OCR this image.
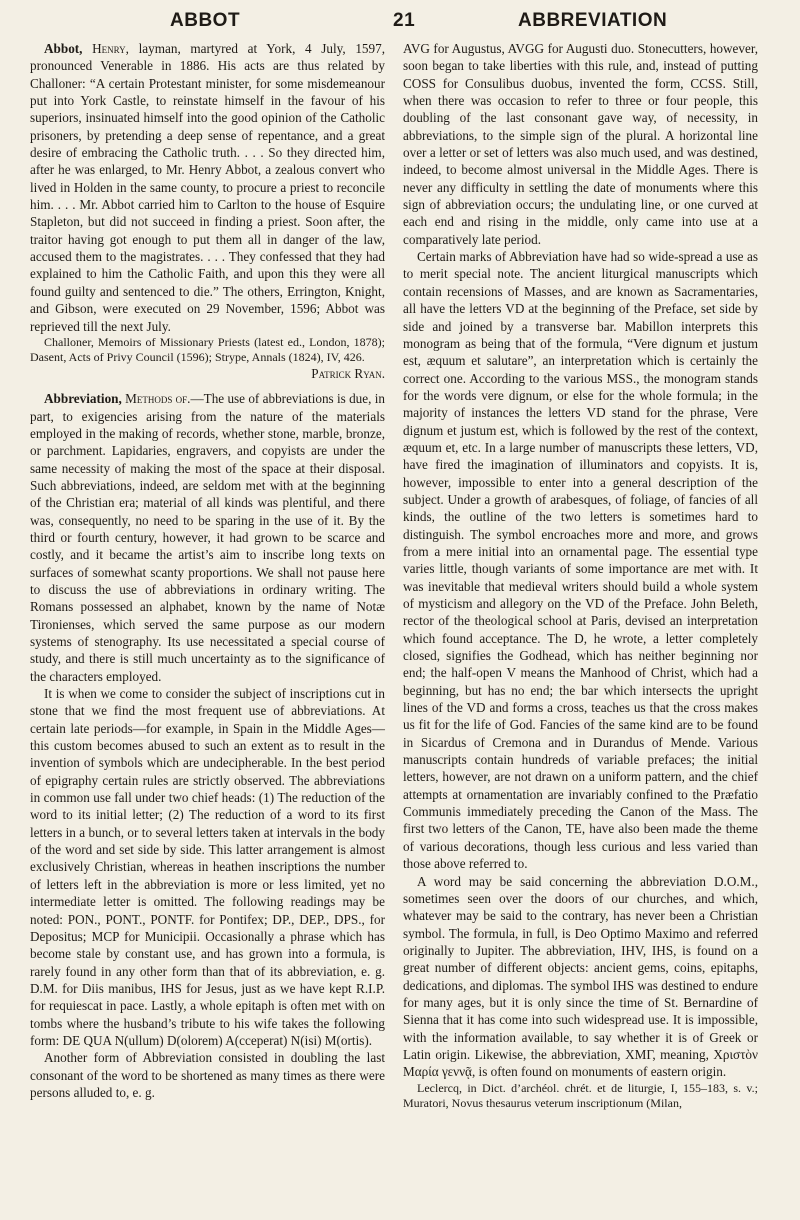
ABBOT	21	ABBREVIATION

Abbot, Henry, layman, martyred at York, 4 July, 1597, pronounced Venerable in 1886. His acts are thus related by Challoner: “A certain Protestant minister, for some misdemeanour put into York Castle, to reinstate himself in the favour of his superiors, insinuated himself into the good opinion of the Catholic prisoners, by pretending a deep sense of repentance, and a great desire of embracing the Catholic truth. . . . So they directed him, after he was enlarged, to Mr. Henry Abbot, a zealous convert who lived in Holden in the same county, to procure a priest to reconcile him. . . . Mr. Abbot carried him to Carlton to the house of Esquire Stapleton, but did not succeed in finding a priest. Soon after, the traitor having got enough to put them all in danger of the law, accused them to the magistrates. . . . They confessed that they had explained to him the Catholic Faith, and upon this they were all found guilty and sentenced to die.” The others, Errington, Knight, and Gibson, were executed on 29 November, 1596; Abbot was reprieved till the next July.

Challoner, Memoirs of Missionary Priests (latest ed., London, 1878); Dasent, Acts of Privy Council (1596); Strype, Annals (1824), IV, 426.

Patrick Ryan.

Abbreviation, Methods of.—The use of abbreviations is due, in part, to exigencies arising from the nature of the materials employed in the making of records, whether stone, marble, bronze, or parchment. Lapidaries, engravers, and copyists are under the same necessity of making the most of the space at their disposal. Such abbreviations, indeed, are seldom met with at the beginning of the Christian era; material of all kinds was plentiful, and there was, consequently, no need to be sparing in the use of it. By the third or fourth century, however, it had grown to be scarce and costly, and it became the artist’s aim to inscribe long texts on surfaces of somewhat scanty proportions. We shall not pause here to discuss the use of abbreviations in ordinary writing. The Romans possessed an alphabet, known by the name of Notæ Tironienses, which served the same purpose as our modern systems of stenography. Its use necessitated a special course of study, and there is still much uncertainty as to the significance of the characters employed.

It is when we come to consider the subject of inscriptions cut in stone that we find the most frequent use of abbreviations. At certain late periods—for example, in Spain in the Middle Ages—this custom becomes abused to such an extent as to result in the invention of symbols which are undecipherable. In the best period of epigraphy certain rules are strictly observed. The abbreviations in common use fall under two chief heads: (1) The reduction of the word to its initial letter; (2) The reduction of a word to its first letters in a bunch, or to several letters taken at intervals in the body of the word and set side by side. This latter arrangement is almost exclusively Christian, whereas in heathen inscriptions the number of letters left in the abbreviation is more or less limited, yet no intermediate letter is omitted. The following readings may be noted: PON., PONT., PONTF. for Pontifex; DP., DEP., DPS., for Depositus; MCP for Municipii. Occasionally a phrase which has become stale by constant use, and has grown into a formula, is rarely found in any other form than that of its abbreviation, e. g. D.M. for Diis manibus, IHS for Jesus, just as we have kept R.I.P. for requiescat in pace. Lastly, a whole epitaph is often met with on tombs where the husband’s tribute to his wife takes the following form: DE QUA N(ullum) D(olorem) A(cceperat) N(isi) M(ortis).

Another form of Abbreviation consisted in doubling the last consonant of the word to be shortened as many times as there were persons alluded to, e. g.

AVG for Augustus, AVGG for Augusti duo. Stonecutters, however, soon began to take liberties with this rule, and, instead of putting COSS for Consulibus duobus, invented the form, CCSS. Still, when there was occasion to refer to three or four people, this doubling of the last consonant gave way, of necessity, in abbreviations, to the simple sign of the plural. A horizontal line over a letter or set of letters was also much used, and was destined, indeed, to become almost universal in the Middle Ages. There is never any difficulty in settling the date of monuments where this sign of abbreviation occurs; the undulating line, or one curved at each end and rising in the middle, only came into use at a comparatively late period.

Certain marks of Abbreviation have had so wide-spread a use as to merit special note. The ancient liturgical manuscripts which contain recensions of Masses, and are known as Sacramentaries, all have the letters VD at the beginning of the Preface, set side by side and joined by a transverse bar. Mabillon interprets this monogram as being that of the formula, “Vere dignum et justum est, æquum et salutare”, an interpretation which is certainly the correct one. According to the various MSS., the monogram stands for the words vere dignum, or else for the whole formula; in the majority of instances the letters VD stand for the phrase, Vere dignum et justum est, which is followed by the rest of the context, æquum et, etc. In a large number of manuscripts these letters, VD, have fired the imagination of illuminators and copyists. It is, however, impossible to enter into a general description of the subject. Under a growth of arabesques, of foliage, of fancies of all kinds, the outline of the two letters is sometimes hard to distinguish. The symbol encroaches more and more, and grows from a mere initial into an ornamental page. The essential type varies little, though variants of some importance are met with. It was inevitable that medieval writers should build a whole system of mysticism and allegory on the VD of the Preface. John Beleth, rector of the theological school at Paris, devised an interpretation which found acceptance. The D, he wrote, a letter completely closed, signifies the Godhead, which has neither beginning nor end; the half-open V means the Manhood of Christ, which had a beginning, but has no end; the bar which intersects the upright lines of the VD and forms a cross, teaches us that the cross makes us fit for the life of God. Fancies of the same kind are to be found in Sicardus of Cremona and in Durandus of Mende. Various manuscripts contain hundreds of variable prefaces; the initial letters, however, are not drawn on a uniform pattern, and the chief attempts at ornamentation are invariably confined to the Præfatio Communis immediately preceding the Canon of the Mass. The first two letters of the Canon, TE, have also been made the theme of various decorations, though less curious and less varied than those above referred to.

A word may be said concerning the abbreviation D.O.M., sometimes seen over the doors of our churches, and which, whatever may be said to the contrary, has never been a Christian symbol. The formula, in full, is Deo Optimo Maximo and referred originally to Jupiter. The abbreviation, IHV, IHS, is found on a great number of different objects: ancient gems, coins, epitaphs, dedications, and diplomas. The symbol IHS was destined to endure for many ages, but it is only since the time of St. Bernardine of Sienna that it has come into such widespread use. It is impossible, with the information available, to say whether it is of Greek or Latin origin. Likewise, the abbreviation, XMΓ, meaning, Χριστὸν Μαρία γεννᾷ, is often found on monuments of eastern origin.

Leclercq, in Dict. d’archéol. chrét. et de liturgie, I, 155–183, s. v.; Muratori, Novus thesaurus veterum inscriptionum (Milan,
